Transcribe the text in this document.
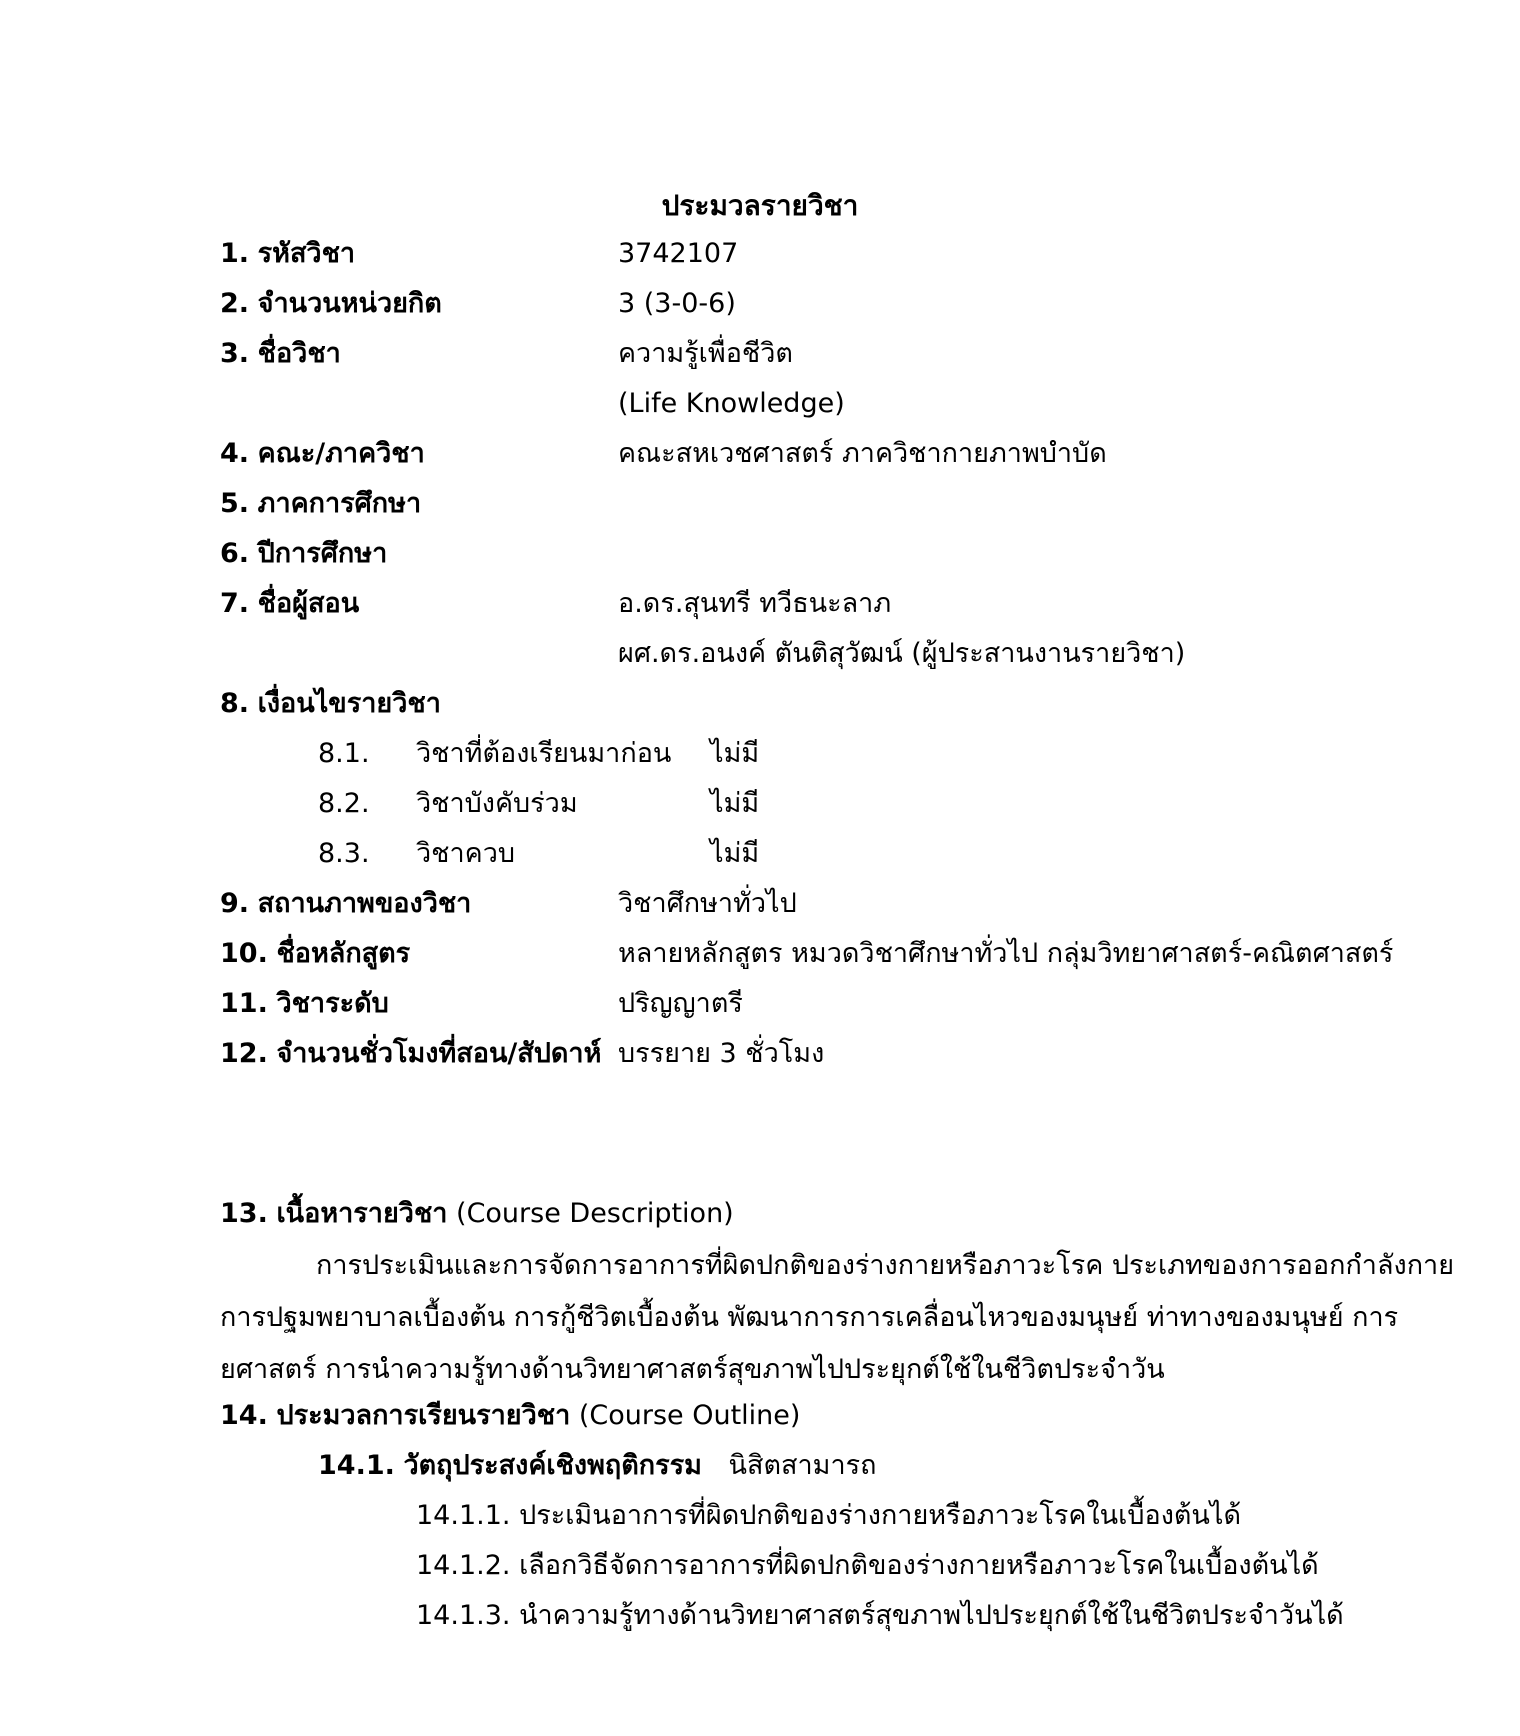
ประมวลรายวิชา
1. รหัสวิชา	3742107
2. จำนวนหน่วยกิต	3 (3-0-6)
3. ชื่อวิชา	ความรู้เพื่อชีวิต
(Life Knowledge)
4. คณะ/ภาควิชา	คณะสหเวชศาสตร์ ภาควิชากายภาพบำบัด
5. ภาคการศึกษา
6. ปีการศึกษา
7. ชื่อผู้สอน	อ.ดร.สุนทรี ทวีธนะลาภ
ผศ.ดร.อนงค์ ตันติสุวัฒน์ (ผู้ประสานงานรายวิชา)
8. เงื่อนไขรายวิชา
8.1. วิชาที่ต้องเรียนมาก่อน ไม่มี
8.2. วิชาบังคับร่วม	ไม่มี
8.3. วิชาควบ	ไม่มี
9. สถานภาพของวิชา	วิชาศึกษาทั่วไป
10. ชื่อหลักสูตร	หลายหลักสูตร หมวดวิชาศึกษาทั่วไป กลุ่มวิทยาศาสตร์-คณิตศาสตร์
11. วิชาระดับ	ปริญญาตรี
12. จำนวนชั่วโมงที่สอน/สัปดาห์ บรรยาย 3 ชั่วโมง
13. เนื้อหารายวิชา (Course Description)
การประเมินและการจัดการอาการที่ผิดปกติของร่างกายหรือภาวะโรค ประเภทของการออกกำลังกาย การปฐมพยาบาลเบื้องต้น การกู้ชีวิตเบื้องต้น พัฒนาการการเคลื่อนไหวของมนุษย์ ท่าทางของมนุษย์ การยศาสตร์ การนำความรู้ทางด้านวิทยาศาสตร์สุขภาพไปประยุกต์ใช้ในชีวิตประจำวัน
14. ประมวลการเรียนรายวิชา (Course Outline)
14.1. วัตถุประสงค์เชิงพฤติกรรม นิสิตสามารถ
14.1.1. ประเมินอาการที่ผิดปกติของร่างกายหรือภาวะโรคในเบื้องต้นได้
14.1.2. เลือกวิธีจัดการอาการที่ผิดปกติของร่างกายหรือภาวะโรคในเบื้องต้นได้
14.1.3. นำความรู้ทางด้านวิทยาศาสตร์สุขภาพไปประยุกต์ใช้ในชีวิตประจำวันได้
